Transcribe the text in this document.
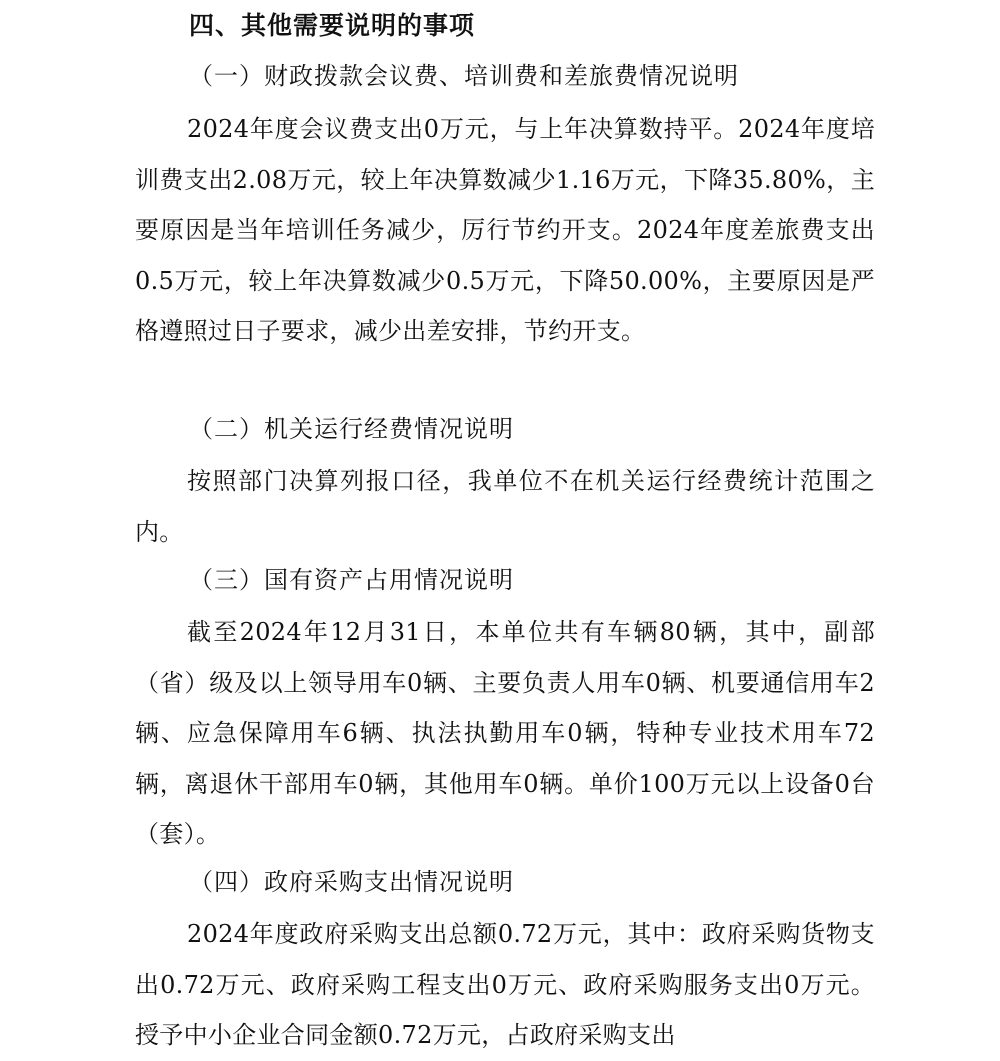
四、其他需要说明的事项
（一）财政拨款会议费、培训费和差旅费情况说明
2024年度会议费支出0万元，与上年决算数持平。2024年度培训费支出2.08万元，较上年决算数减少1.16万元，下降35.80%，主要原因是当年培训任务减少，厉行节约开支。2024年度差旅费支出0.5万元，较上年决算数减少0.5万元，下降50.00%，主要原因是严格遵照过日子要求，减少出差安排，节约开支。
（二）机关运行经费情况说明
按照部门决算列报口径，我单位不在机关运行经费统计范围之内。
（三）国有资产占用情况说明
截至2024年12月31日，本单位共有车辆80辆，其中，副部（省）级及以上领导用车0辆、主要负责人用车0辆、机要通信用车2辆、应急保障用车6辆、执法执勤用车0辆，特种专业技术用车72辆，离退休干部用车0辆，其他用车0辆。单价100万元以上设备0台（套）。
（四）政府采购支出情况说明
2024年度政府采购支出总额0.72万元，其中：政府采购货物支出0.72万元、政府采购工程支出0万元、政府采购服务支出0万元。授予中小企业合同金额0.72万元，占政府采购支出
